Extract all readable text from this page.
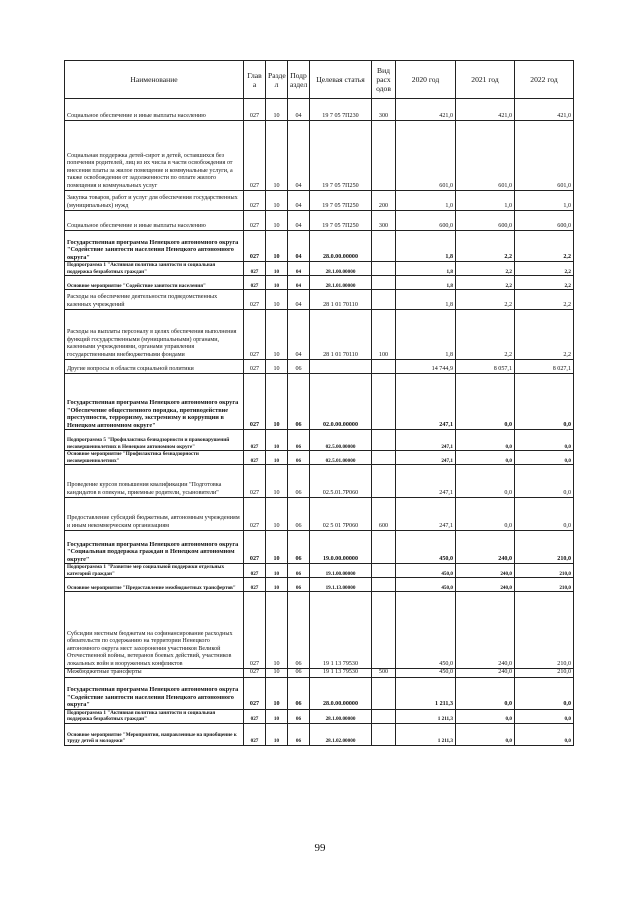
Наименование	Глав а	Разде л	Подр аздел	Целевая статья	Вид расх одов	2020 год	2021 год	2022 год
Социальное обеспечение и иные выплаты населению	027	10	04	19 7 05 7П230	300	421,0	421,0	421,0
Социальная поддержка детей-сирот и детей, оставшихся без попечения родителей, лиц из их числа в части освобождения от внесения платы за жилое помещение и коммунальные услуги, а также освобождения от задолженности по оплате жилого помещения и коммунальных услуг	027	10	04	19 7 05 7П250		601,0	601,0	601,0
Закупка товаров, работ и услуг для обеспечения государственных (муниципальных) нужд	027	10	04	19 7 05 7П250	200	1,0	1,0	1,0
Социальное обеспечение и иные выплаты населению	027	10	04	19 7 05 7П250	300	600,0	600,0	600,0
Государственная программа Ненецкого автономного округа "Содействие занятости населения Ненецкого автономного округа"	027	10	04	28.0.00.00000		1,8	2,2	2,2
Подпрограмма 1 "Активная политика занятости и социальная поддержка безработных граждан"	027	10	04	28.1.00.00000		1,8	2,2	2,2
Основное мероприятие "Содействие занятости населения"	027	10	04	28.1.01.00000		1,8	2,2	2,2
Расходы на обеспечение деятельности подведомственных казенных учреждений	027	10	04	28 1 01 70110		1,8	2,2	2,2
Расходы на выплаты персоналу в целях обеспечения выполнения функций государственными (муниципальными) органами, казенными учреждениями, органами управления государственными внебюджетными фондами	027	10	04	28 1 01 70110	100	1,8	2,2	2,2
Другие вопросы в области социальной политики	027	10	06			14 744,9	8 057,1	8 027,1
Государственная программа Ненецкого автономного округа "Обеспечение общественного порядка, противодействие преступности, терроризму, экстремизму и коррупции в Ненецком автономном округе"	027	10	06	02.0.00.00000		247,1	0,0	0,0
Подпрограмма 5 "Профилактика безнадзорности и правонарушений несовершеннолетних в Ненецком автономном округе"	027	10	06	02.5.00.00000		247,1	0,0	0,0
Основное мероприятие "Профилактика безнадзорности несовершеннолетних"	027	10	06	02.5.01.00000		247,1	0,0	0,0
Проведение курсов повышения квалификации "Подготовка кандидатов в опекуны, приемные родители, усыновители"	027	10	06	02.5.01.7Р060		247,1	0,0	0,0
Предоставление субсидий бюджетным, автономным учреждениям и иным некоммерческим организациям	027	10	06	02 5 01 7Р060	600	247,1	0,0	0,0
Государственная программа Ненецкого автономного округа "Социальная поддержка граждан в Ненецком автономном округе"	027	10	06	19.0.00.00000		450,0	240,0	210,0
Подпрограмма 1 "Развитие мер социальной поддержки отдельных категорий граждан"	027	10	06	19.1.00.00000		450,0	240,0	210,0
Основное мероприятие "Предоставление межбюджетных трансфертов"	027	10	06	19.1.13.00000		450,0	240,0	210,0
Субсидии местным бюджетам на софинансирование расходных обязательств по содержанию на территории Ненецкого автономного округа мест захоронения участников Великой Отечественной войны, ветеранов боевых действий, участников локальных войн и вооруженных конфликтов	027	10	06	19 1 13 79530		450,0	240,0	210,0
Межбюджетные трансферты	027	10	06	19 1 13 79530	500	450,0	240,0	210,0
Государственная программа Ненецкого автономного округа "Содействие занятости населения Ненецкого автономного округа"	027	10	06	28.0.00.00000		1 211,3	0,0	0,0
Подпрограмма 1 "Активная политика занятости и социальная поддержка безработных граждан"	027	10	06	28.1.00.00000		1 211,3	0,0	0,0
Основное мероприятие "Мероприятия, направленные на приобщение к труду детей и молодежи"	027	10	06	28.1.02.00000		1 211,3	0,0	0,0
99
